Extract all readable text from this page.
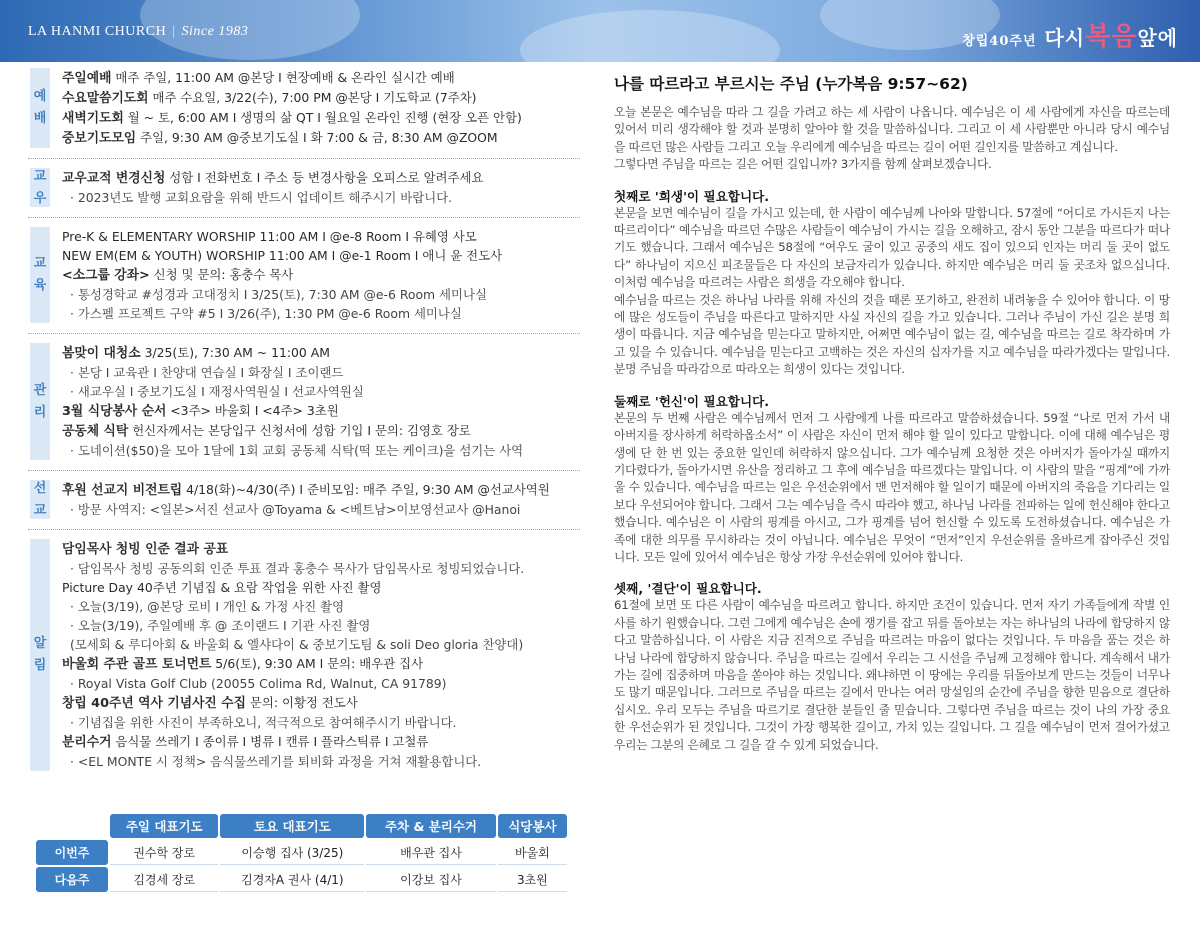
LA HANMI CHURCH | Since 1983
창립40주년 다시복음앞에
예
배
주일예배 매주 주일, 11:00 AM @본당 I 현장예배 & 온라인 실시간 예배
수요말씀기도회 매주 수요일, 3/22(수), 7:00 PM @본당 I 기도학교 (7주차)
새벽기도회 월 ~ 토, 6:00 AM I 생명의 삶 QT I 월요일 온라인 진행 (현장 오픈 안함)
중보기도모임 주일, 9:30 AM @중보기도실 I 화 7:00 & 금, 8:30 AM @ZOOM
교
우
교우교적 변경신청 성함 I 전화번호 I 주소 등 변경사항을 오피스로 알려주세요
· 2023년도 발행 교회요람을 위해 반드시 업데이트 해주시기 바랍니다.
교
육
Pre-K & ELEMENTARY WORSHIP 11:00 AM I @e-8 Room I 유혜영 사모
NEW EM(EM & YOUTH) WORSHIP 11:00 AM I @e-1 Room I 애니 윤 전도사
<소그룹 강좌> 신청 및 문의: 홍충수 목사
· 통성경학교 #성경과 고대정치 I 3/25(토), 7:30 AM @e-6 Room 세미나실
· 가스펠 프로젝트 구약 #5 I 3/26(주), 1:30 PM @e-6 Room 세미나실
관
리
봄맞이 대청소 3/25(토), 7:30 AM ~ 11:00 AM
· 본당 I 교육관 I 찬양대 연습실 I 화장실 I 조이랜드
· 새교우실 I 중보기도실 I 재정사역원실 I 선교사역원실
3월 식당봉사 순서 <3주> 바울회 I <4주> 3초원
공동체 식탁 헌신자께서는 본당입구 신청서에 성함 기입 I 문의: 김영호 장로
· 도네이션($50)을 모아 1달에 1회 교회 공동체 식탁(떡 또는 케이크)을 섬기는 사역
선
교
후원 선교지 비전트립 4/18(화)~4/30(주) I 준비모임: 매주 주일, 9:30 AM @선교사역원
· 방문 사역지: <일본>서진 선교사 @Toyama & <베트남>이보영선교사 @Hanoi
알
림
담임목사 청빙 인준 결과 공표
· 담임목사 청빙 공동의회 인준 투표 결과 홍충수 목사가 담임목사로 청빙되었습니다.
Picture Day 40주년 기념집 & 요람 작업을 위한 사진 촬영
· 오늘(3/19), @본당 로비 I 개인 & 가정 사진 촬영
· 오늘(3/19), 주일예배 후 @ 조이랜드 I 기관 사진 촬영
(모세회 & 루디아회 & 바울회 & 엘샤다이 & 중보기도팀 & soli Deo gloria 찬양대)
바울회 주관 골프 토너먼트 5/6(토), 9:30 AM I 문의: 배우관 집사
· Royal Vista Golf Club (20055 Colima Rd, Walnut, CA 91789)
창립 40주년 역사 기념사진 수집 문의: 이황정 전도사
· 기념집을 위한 사진이 부족하오니, 적극적으로 참여해주시기 바랍니다.
분리수거 음식물 쓰레기 I 종이류 I 병류 I 캔류 I 플라스틱류 I 고철류
· <EL MONTE 시 정책> 음식물쓰레기를 퇴비화 과정을 거쳐 재활용합니다.
	주일 대표기도	토요 대표기도	주차 & 분리수거	식당봉사
이번주	권수학 장로	이승행 집사 (3/25)	배우관 집사	바울회
다음주	김경세 장로	김경자A 권사 (4/1)	이강보 집사	3초원
나를 따르라고 부르시는 주님 (누가복음 9:57~62)

오늘 본문은 예수님을 따라 그 길을 가려고 하는 세 사람이 나옵니다. 예수님은 이 세 사람에게 자신을 따르는데 있어서 미리 생각해야 할 것과 분명히 알아야 할 것을 말씀하십니다. 그리고 이 세 사람뿐만 아니라 당시 예수님을 따르던 많은 사람들 그리고 오늘 우리에게 예수님을 따르는 길이 어떤 길인지를 말씀하고 계십니다.

그렇다면 주님을 따르는 길은 어떤 길입니까? 3가지를 함께 살펴보겠습니다.

첫째로 '희생'이 필요합니다.

본문을 보면 예수님이 길을 가시고 있는데, 한 사람이 예수님께 나아와 말합니다. 57절에 “어디로 가시든지 나는 따르리이다” 예수님을 따르던 수많은 사람들이 예수님이 가시는 길을 오해하고, 잠시 동안 그분을 따르다가 떠나기도 했습니다. 그래서 예수님은 58절에 “여우도 굴이 있고 공중의 새도 집이 있으되 인자는 머리 둘 곳이 없도다” 하나님이 지으신 피조물들은 다 자신의 보금자리가 있습니다. 하지만 예수님은 머리 둘 곳조차 없으십니다. 이처럼 예수님을 따르려는 사람은 희생을 각오해야 합니다.

예수님을 따르는 것은 하나님 나라를 위해 자신의 것을 때론 포기하고, 완전히 내려놓을 수 있어야 합니다. 이 땅에 많은 성도들이 주님을 따른다고 말하지만 사실 자신의 길을 가고 있습니다. 그러나 주님이 가신 길은 분명 희생이 따릅니다. 지금 예수님을 믿는다고 말하지만, 어쩌면 예수님이 없는 길, 예수님을 따르는 길로 착각하며 가고 있을 수 있습니다. 예수님을 믿는다고 고백하는 것은 자신의 십자가를 지고 예수님을 따라가겠다는 말입니다. 분명 주님을 따라감으로 따라오는 희생이 있다는 것입니다.

둘째로 '헌신'이 필요합니다.

본문의 두 번째 사람은 예수님께서 먼저 그 사람에게 나를 따르라고 말씀하셨습니다. 59절 “나로 먼저 가서 내 아버지를 장사하게 허락하옵소서” 이 사람은 자신이 먼저 해야 할 일이 있다고 말합니다. 이에 대해 예수님은 평생에 단 한 번 있는 중요한 일인데 허락하지 않으십니다. 그가 예수님께 요청한 것은 아버지가 돌아가실 때까지 기다렸다가, 돌아가시면 유산을 정리하고 그 후에 예수님을 따르겠다는 말입니다. 이 사람의 말을 “핑계”에 가까울 수 있습니다. 예수님을 따르는 일은 우선순위에서 맨 먼저해야 할 일이기 때문에 아버지의 죽음을 기다리는 일보다 우선되어야 합니다. 그래서 그는 예수님을 즉시 따라야 했고, 하나님 나라를 전파하는 일에 헌신해야 한다고 했습니다. 예수님은 이 사람의 핑계를 아시고, 그가 핑계를 넘어 헌신할 수 있도록 도전하셨습니다. 예수님은 가족에 대한 의무를 무시하라는 것이 아닙니다. 예수님은 무엇이 “먼저”인지 우선순위를 올바르게 잡아주신 것입니다. 모든 일에 있어서 예수님은 항상 가장 우선순위에 있어야 합니다.

셋째, '결단'이 필요합니다.

61절에 보면 또 다른 사람이 예수님을 따르려고 합니다. 하지만 조건이 있습니다. 먼저 자기 가족들에게 작별 인사를 하기 원했습니다. 그런 그에게 예수님은 손에 쟁기를 잡고 뒤를 돌아보는 자는 하나님의 나라에 합당하지 않다고 말씀하십니다. 이 사람은 지금 진적으로 주님을 따르려는 마음이 없다는 것입니다. 두 마음을 품는 것은 하나님 나라에 합당하지 않습니다. 주님을 따르는 길에서 우리는 그 시선을 주님께 고정해야 합니다. 계속해서 내가 가는 길에 집중하며 마음을 쏟아야 하는 것입니다. 왜냐하면 이 땅에는 우리를 뒤돌아보게 만드는 것들이 너무나도 많기 때문입니다. 그러므로 주님을 따르는 길에서 만나는 여러 망설임의 순간에 주님을 향한 믿음으로 결단하십시오. 우리 모두는 주님을 따르기로 결단한 분들인 줄 믿습니다. 그렇다면 주님을 따르는 것이 나의 가장 중요한 우선순위가 된 것입니다. 그것이 가장 행복한 길이고, 가치 있는 길입니다. 그 길을 예수님이 먼저 걸어가셨고 우리는 그분의 은혜로 그 길을 갈 수 있게 되었습니다.
